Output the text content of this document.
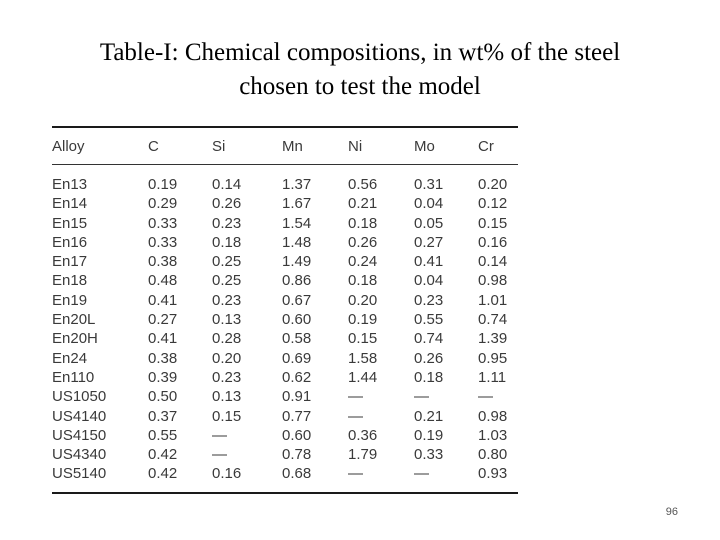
Table-I: Chemical compositions, in wt% of the steel
chosen to test the model
Alloy	C	Si	Mn	Ni	Mo	Cr
En13	0.19	0.14	1.37	0.56	0.31	0.20
En14	0.29	0.26	1.67	0.21	0.04	0.12
En15	0.33	0.23	1.54	0.18	0.05	0.15
En16	0.33	0.18	1.48	0.26	0.27	0.16
En17	0.38	0.25	1.49	0.24	0.41	0.14
En18	0.48	0.25	0.86	0.18	0.04	0.98
En19	0.41	0.23	0.67	0.20	0.23	1.01
En20L	0.27	0.13	0.60	0.19	0.55	0.74
En20H	0.41	0.28	0.58	0.15	0.74	1.39
En24	0.38	0.20	0.69	1.58	0.26	0.95
En110	0.39	0.23	0.62	1.44	0.18	1.11
US1050	0.50	0.13	0.91	—	—	—
US4140	0.37	0.15	0.77	—	0.21	0.98
US4150	0.55	—	0.60	0.36	0.19	1.03
US4340	0.42	—	0.78	1.79	0.33	0.80
US5140	0.42	0.16	0.68	—	—	0.93
96
